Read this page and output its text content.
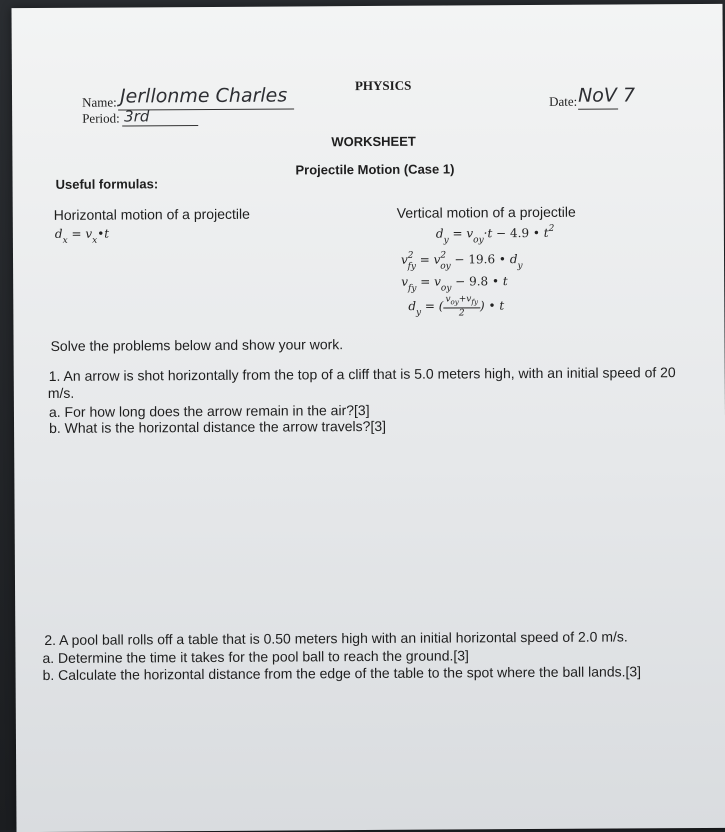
PHYSICS
Name: Jerllonme Charles	Date: NoV 7
Period: 3rd
WORKSHEET
Projectile Motion (Case 1)
Useful formulas:
Horizontal motion of a projectile	Vertical motion of a projectile
$d_x$ = $v_x•t$	$d_y = v_{oy}\cdot t - 4.9$ • $t^2$
$v^2_{fy} = v^2_{oy} - 19.6$ • $d_y$
$v_{fy} = v_{oy} - 9.8$ • t
$d_y$ = ( $\frac{v_{oy}+v_{fy}}{2}$ ) • t
Solve the problems below and show your work.
1. An arrow is shot horizontally from the top of a cliff that is 5.0 meters high, with an initial speed of 20
m/s.
a. For how long does the arrow remain in the air?[3]
b. What is the horizontal distance the arrow travels?[3]
2. A pool ball rolls off a table that is 0.50 meters high with an initial horizontal speed of 2.0 m/s.
a. Determine the time it takes for the pool ball to reach the ground.[3]
b. Calculate the horizontal distance from the edge of the table to the spot where the ball lands.[3]
